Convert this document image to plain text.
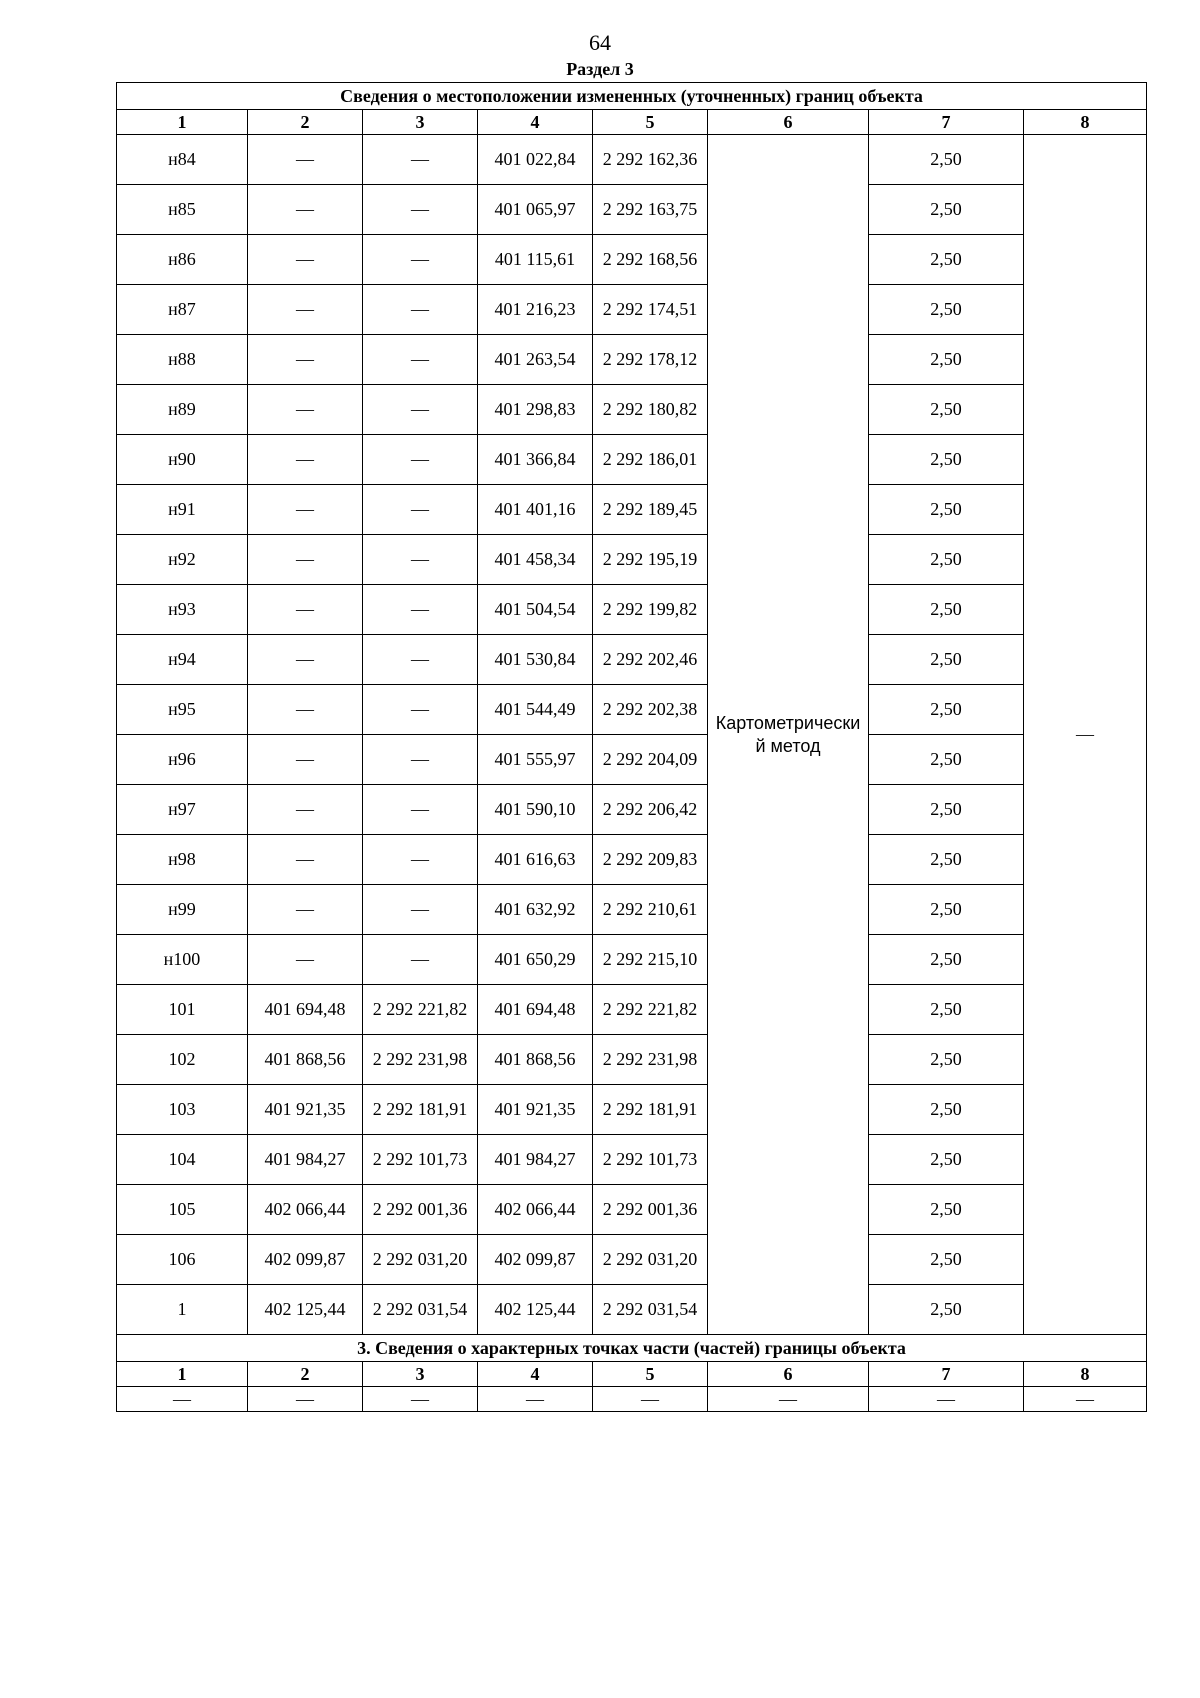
64
Раздел 3
Сведения о местоположении измененных (уточненных) границ объекта							
1	2	3	4	5	6	7	8
н84	—	—	401 022,84	2 292 162,36	Картометрический метод	2,50	—
н85	—	—	401 065,97	2 292 163,75		2,50	
н86	—	—	401 115,61	2 292 168,56		2,50	
н87	—	—	401 216,23	2 292 174,51		2,50	
н88	—	—	401 263,54	2 292 178,12		2,50	
н89	—	—	401 298,83	2 292 180,82		2,50	
н90	—	—	401 366,84	2 292 186,01		2,50	
н91	—	—	401 401,16	2 292 189,45		2,50	
н92	—	—	401 458,34	2 292 195,19		2,50	
н93	—	—	401 504,54	2 292 199,82		2,50	
н94	—	—	401 530,84	2 292 202,46		2,50	
н95	—	—	401 544,49	2 292 202,38		2,50	
н96	—	—	401 555,97	2 292 204,09		2,50	
н97	—	—	401 590,10	2 292 206,42		2,50	
н98	—	—	401 616,63	2 292 209,83		2,50	
н99	—	—	401 632,92	2 292 210,61		2,50	
н100	—	—	401 650,29	2 292 215,10		2,50	
101	401 694,48	2 292 221,82	401 694,48	2 292 221,82		2,50	
102	401 868,56	2 292 231,98	401 868,56	2 292 231,98		2,50	
103	401 921,35	2 292 181,91	401 921,35	2 292 181,91		2,50	
104	401 984,27	2 292 101,73	401 984,27	2 292 101,73		2,50	
105	402 066,44	2 292 001,36	402 066,44	2 292 001,36		2,50	
106	402 099,87	2 292 031,20	402 099,87	2 292 031,20		2,50	
1	402 125,44	2 292 031,54	402 125,44	2 292 031,54		2,50	
3. Сведения о характерных точках части (частей) границы объекта							
1	2	3	4	5	6	7	8
—	—	—	—	—	—	—	—
